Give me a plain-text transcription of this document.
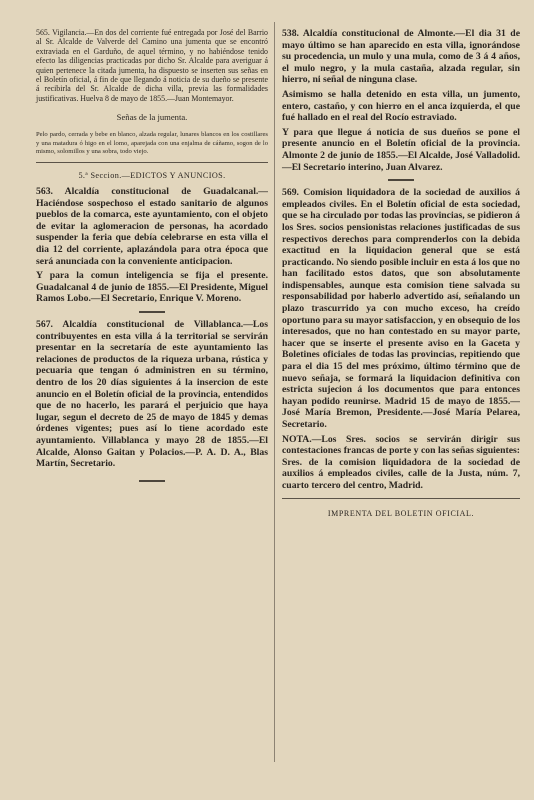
565. Vigilancia.—En dos del corriente fué entregada por José del Barrio al Sr. Alcalde de Valverde del Camino una jumenta que se encontró extraviada en el Garduño, de aquel término, y no habiéndose tenido efecto las diligencias practicadas por dicho Sr. Alcalde para averiguar á quien pertenece la citada jumenta, ha dispuesto se inserten sus señas en el Boletín oficial, á fin de que llegando á noticia de su dueño se presente á recibirla del Sr. Alcalde de dicha villa, previa las formalidades justificativas. Huelva 8 de mayo de 1855.—Juan Montemayor.

Señas de la jumenta.

Pelo pardo, cerrada y bebe en blanco, alzada regular, lunares blancos en los costillares y una matadura ó higo en el lomo, aparejada con una enjalma de cáñamo, sogon de lo mismo, solomillos y una sobra, todo viejo.

5.ª Seccion.—EDICTOS Y ANUNCIOS.

563. Alcaldía constitucional de Guadalcanal.—Haciéndose sospechoso el estado sanitario de algunos pueblos de la comarca, este ayuntamiento, con el objeto de evitar la aglomeracion de personas, ha acordado suspender la feria que debía celebrarse en esta villa el dia 12 del corriente, aplazándola para otra época que será anunciada con la conveniente anticipacion.

Y para la comun inteligencia se fija el presente. Guadalcanal 4 de junio de 1855.—El Presidente, Miguel Ramos Lobo.—El Secretario, Enrique V. Moreno.

567. Alcaldía constitucional de Villablanca.—Los contribuyentes en esta villa á la territorial se servirán presentar en la secretaría de este ayuntamiento las relaciones de productos de la riqueza urbana, rústica y pecuaria que tengan ó administren en su término, dentro de los 20 días siguientes á la insercion de este anuncio en el Boletín oficial de la provincia, entendidos que de no hacerlo, les parará el perjuicio que haya lugar, segun el decreto de 25 de mayo de 1845 y demas órdenes vigentes; pues así lo tiene acordado este ayuntamiento. Villablanca y mayo 28 de 1855.—El Alcalde, Alonso Gaitan y Polacios.—P. A. D. A., Blas Martín, Secretario.

538. Alcaldía constitucional de Almonte.—El dia 31 de mayo último se han aparecido en esta villa, ignorándose su procedencia, un mulo y una mula, como de 3 á 4 años, el mulo negro, y la mula castaña, alzada regular, sin hierro, ni señal de ninguna clase.

Asimismo se halla detenido en esta villa, un jumento, entero, castaño, y con hierro en el anca izquierda, el que fué hallado en el real del Rocío estraviado.

Y para que llegue á noticia de sus dueños se pone el presente anuncio en el Boletín oficial de la provincia. Almonte 2 de junio de 1855.—El Alcalde, José Valladolid.—El Secretario interino, Juan Alvarez.

569. Comision liquidadora de la sociedad de auxilios á empleados civiles. En el Boletín oficial de esta sociedad, que se ha circulado por todas las provincias, se pidieron á los Sres. socios pensionistas relaciones justificadas de sus respectivos derechos para comprenderlos con la debida exactitud en la liquidacion general que se está practicando. No siendo posible incluir en esta á los que no han facilitado estos datos, que son absolutamente indispensables, aunque esta comision tiene salvada su responsabilidad por haberlo advertido así, señalando un plazo trascurrido ya con mucho exceso, ha creído oportuno para su mayor satisfaccion, y en obsequio de los interesados, que no han contestado en su mayor parte, hacer que se inserte el presente aviso en la Gaceta y Boletines oficiales de todas las provincias, repitiendo que para el dia 15 del mes próximo, último término que de nuevo señaja, se formará la liquidacion definitiva con estricta sujecion á los documentos que para entonces hayan podido reunirse. Madrid 15 de mayo de 1855.—José María Bremon, Presidente.—José María Pelarea, Secretario.

NOTA.—Los Sres. socios se servirán dirigir sus contestaciones francas de porte y con las señas siguientes: Sres. de la comision liquidadora de la sociedad de auxilios á empleados civiles, calle de la Justa, núm. 7, cuarto tercero del centro, Madrid.

IMPRENTA DEL BOLETIN OFICIAL.
